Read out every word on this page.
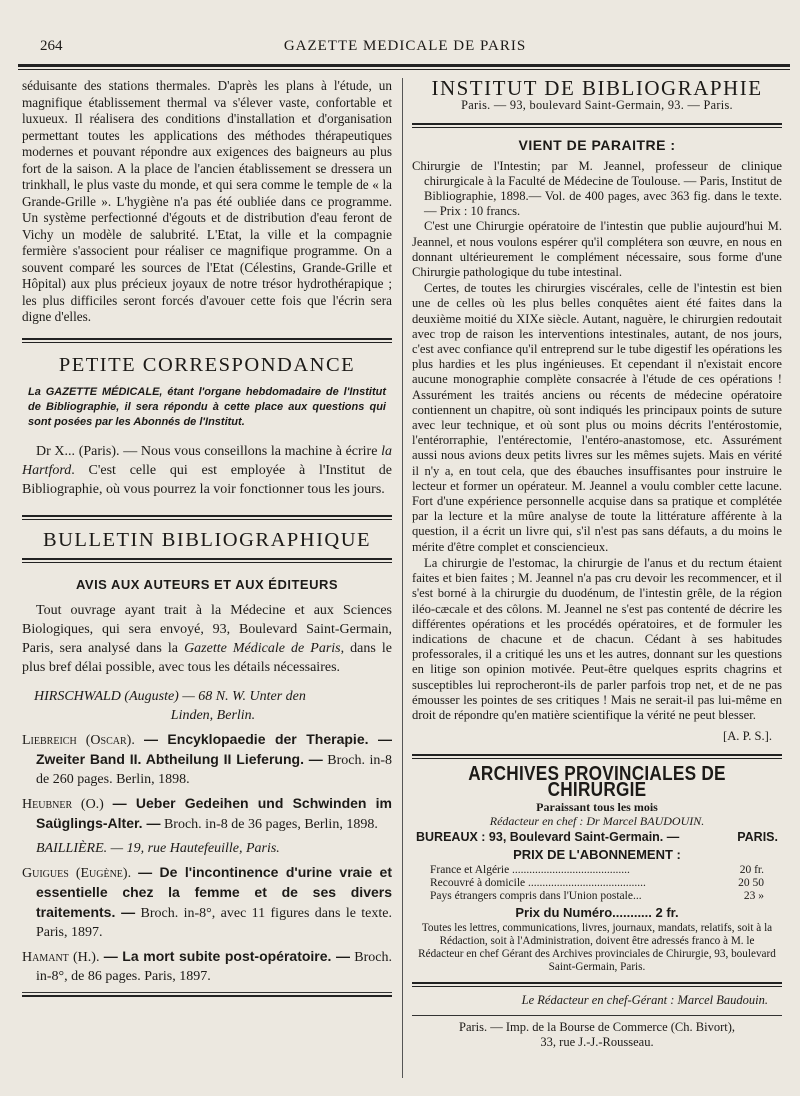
264	GAZETTE MEDICALE DE PARIS

séduisante des stations thermales. D'après les plans à l'étude, un magnifique établissement thermal va s'élever vaste, confortable et luxueux. Il réalisera des conditions d'installation et d'organisation permettant toutes les applications des méthodes thérapeutiques modernes et pouvant répondre aux exigences des baigneurs au plus fort de la saison. A la place de l'ancien établissement se dressera un trinkhall, le plus vaste du monde, et qui sera comme le temple de « la Grande-Grille ». L'hygiène n'a pas été oubliée dans ce programme. Un système perfectionné d'égouts et de distribution d'eau feront de Vichy un modèle de salubrité. L'Etat, la ville et la compagnie fermière s'associent pour réaliser ce magnifique programme. On a souvent comparé les sources de l'Etat (Célestins, Grande-Grille et Hôpital) aux plus précieux joyaux de notre trésor hydrothérapique ; les plus difficiles seront forcés d'avouer cette fois que l'écrin sera digne d'elles.

PETITE CORRESPONDANCE

La GAZETTE MÉDICALE, étant l'organe hebdomadaire de l'Institut de Bibliographie, il sera répondu à cette place aux questions qui sont posées par les Abonnés de l'Institut.

Dr X... (Paris). — Nous vous conseillons la machine à écrire la Hartford. C'est celle qui est employée à l'Institut de Bibliographie, où vous pourrez la voir fonctionner tous les jours.

BULLETIN BIBLIOGRAPHIQUE
AVIS AUX AUTEURS ET AUX ÉDITEURS

Tout ouvrage ayant trait à la Médecine et aux Sciences Biologiques, qui sera envoyé, 93, Boulevard Saint-Germain, Paris, sera analysé dans la Gazette Médicale de Paris, dans le plus bref délai possible, avec tous les détails nécessaires.

HIRSCHWALD (Auguste) — 68 N. W. Unter den
Linden, Berlin.

Liebreich (Oscar). — Encyklopaedie der Therapie. — Zweiter Band II. Abtheilung II Lieferung. — Broch. in-8 de 260 pages. Berlin, 1898.

Heubner (O.) — Ueber Gedeihen und Schwinden im Saüglings-Alter. — Broch. in-8 de 36 pages, Berlin, 1898.

BAILLIÈRE. — 19, rue Hautefeuille, Paris.

Guigues (Eugène). — De l'incontinence d'urine vraie et essentielle chez la femme et de ses divers traitements. — Broch. in-8°, avec 11 figures dans le texte. Paris, 1897.

Hamant (H.). — La mort subite post-opératoire. — Broch. in-8°, de 86 pages. Paris, 1897.

INSTITUT DE BIBLIOGRAPHIE
Paris. — 93, boulevard Saint-Germain, 93. — Paris.
VIENT DE PARAITRE :

Chirurgie de l'Intestin; par M. Jeannel, professeur de clinique chirurgicale à la Faculté de Médecine de Toulouse. — Paris, Institut de Bibliographie, 1898.— Vol. de 400 pages, avec 363 fig. dans le texte. — Prix : 10 francs.

C'est une Chirurgie opératoire de l'intestin que publie aujourd'hui M. Jeannel, et nous voulons espérer qu'il complétera son œuvre, en nous en donnant ultérieurement le complément nécessaire, sous forme d'une Chirurgie pathologique du tube intestinal.

Certes, de toutes les chirurgies viscérales, celle de l'intestin est bien une de celles où les plus belles conquêtes aient été faites dans la deuxième moitié du XIXe siècle. Autant, naguère, le chirurgien redoutait avec trop de raison les interventions intestinales, autant, de nos jours, c'est avec confiance qu'il entreprend sur le tube digestif les opérations les plus hardies et les plus ingénieuses. Et cependant il n'existait encore aucune monographie complète consacrée à l'étude de ces opérations ! Assurément les traités anciens ou récents de médecine opératoire contiennent un chapitre, où sont indiqués les principaux points de suture avec leur technique, et où sont plus ou moins décrits l'entérostomie, l'entérorraphie, l'entérectomie, l'entéro-anastomose, etc. Assurément aussi nous avions deux petits livres sur les mêmes sujets. Mais en vérité il n'y a, en tout cela, que des ébauches insuffisantes pour instruire le lecteur et former un opérateur. M. Jeannel a voulu combler cette lacune. Fort d'une expérience personnelle acquise dans sa pratique et complétée par la lecture et la mûre analyse de toute la littérature afférente à la question, il a écrit un livre qui, s'il n'est pas sans défauts, a du moins le mérite d'être complet et consciencieux.

La chirurgie de l'estomac, la chirurgie de l'anus et du rectum étaient faites et bien faites ; M. Jeannel n'a pas cru devoir les recommencer, et il s'est borné à la chirurgie du duodénum, de l'intestin grêle, de la région iléo-cæcale et des côlons. M. Jeannel ne s'est pas contenté de décrire les différentes opérations et les procédés opératoires, et de formuler les indications de chacune et de chacun. Cédant à ses habitudes professorales, il a critiqué les uns et les autres, donnant sur les questions en litige son opinion motivée. Peut-être quelques esprits chagrins et susceptibles lui reprocheront-ils de parler parfois trop net, et de ne pas émousser les pointes de ses critiques ! Mais ne serait-il pas lui-même en droit de répondre qu'en matière scientifique la vérité ne peut blesser.

[A. P. S.].
ARCHIVES PROVINCIALES DE CHIRURGIE
Paraissant tous les mois
Rédacteur en chef : Dr Marcel BAUDOUIN.
BUREAUX : 93, Boulevard Saint-Germain. —	PARIS.
PRIX DE L'ABONNEMENT :
France et Algérie .........................................	20 fr.
Recouvré à domicile .........................................	20 50
Pays étrangers compris dans l'Union postale...	23 »
Prix du Numéro........... 2 fr.

Toutes les lettres, communications, livres, journaux, mandats, relatifs, soit à la Rédaction, soit à l'Administration, doivent être adressés franco à M. le Rédacteur en chef Gérant des Archives provinciales de Chirurgie, 93, boulevard Saint-Germain, Paris.

Le Rédacteur en chef-Gérant : Marcel Baudouin.
Paris. — Imp. de la Bourse de Commerce (Ch. Bivort),
33, rue J.-J.-Rousseau.
